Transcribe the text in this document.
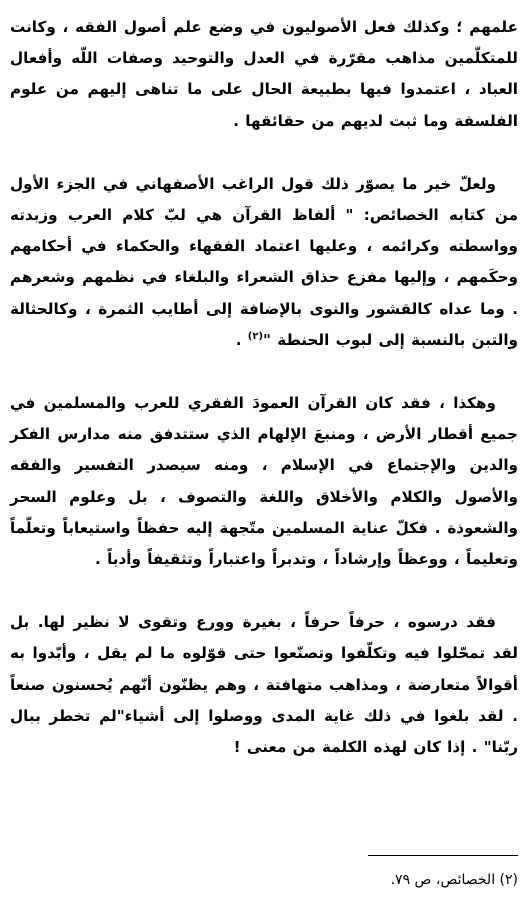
علمهم ؛ وكذلك فعل الأصوليون في وضع علم أصول الفقه ، وكانت للمتكلّمين مذاهب مقرّرة في العدل والتوحيد وصفات اللّه وأفعال العباد ، اعتمدوا فيها بطبيعة الحال على ما تناهى إليهم من علوم الفلسفة وما ثبت لديهم من حقائقها .

ولعلّ خير ما يصوّر ذلك قول الراغب الأصفهاني في الجزء الأول من كتابه الخصائص: " ألفاظ القرآن هي لبّ كلام العرب وزبدته وواسطته وكرائمه ، وعليها اعتماد الفقهاء والحكماء في أحكامهم وحكَمهم ، وإليها مفزع حذاق الشعراء والبلغاء في نظمهم وشعرهم . وما عداه كالقشور والنوى بالإضافة إلى أطايب الثمرة ، وكالحثالة والتبن بالنسبة إلى لبوب الحنطة "$^{(٢)}$ .

وهكذا ، فقد كان القرآن العمودَ الفقري للعرب والمسلمين في جميع أقطار الأرض ، ومنبعَ الإلهام الذي ستتدفق منه مدارس الفكر والدين والإجتماع في الإسلام ، ومنه سيصدر التفسير والفقه والأصول والكلام والأخلاق واللغة والتصوف ، بل وعلوم السحر والشعوذة . فكلّ عناية المسلمين متّجهة إليه حفظاً واستيعاباً وتعلّماً وتعليماً ، ووعظاً وإرشاداً ، وتدبراً واعتباراً وتثقيفاً وأدباً .

فقد درسوه ، حرفاً حرفاً ، بغيرة وورع وتقوى لا نظير لها. بل لقد تمحّلوا فيه وتكلّفوا وتصنّعوا حتى قوّلوه ما لم يقل ، وأبّدوا به أقوالاً متعارضة ، ومذاهب متهافتة ، وهم يظنّون أنّهم يُحسنون صنعاً . لقد بلغوا في ذلك غاية المدى ووصلوا إلى أشياء"لم تخطر ببال ربّنا" . إذا كان لهذه الكلمة من معنى !

(٢) الخصائص، ص ٧٩.
